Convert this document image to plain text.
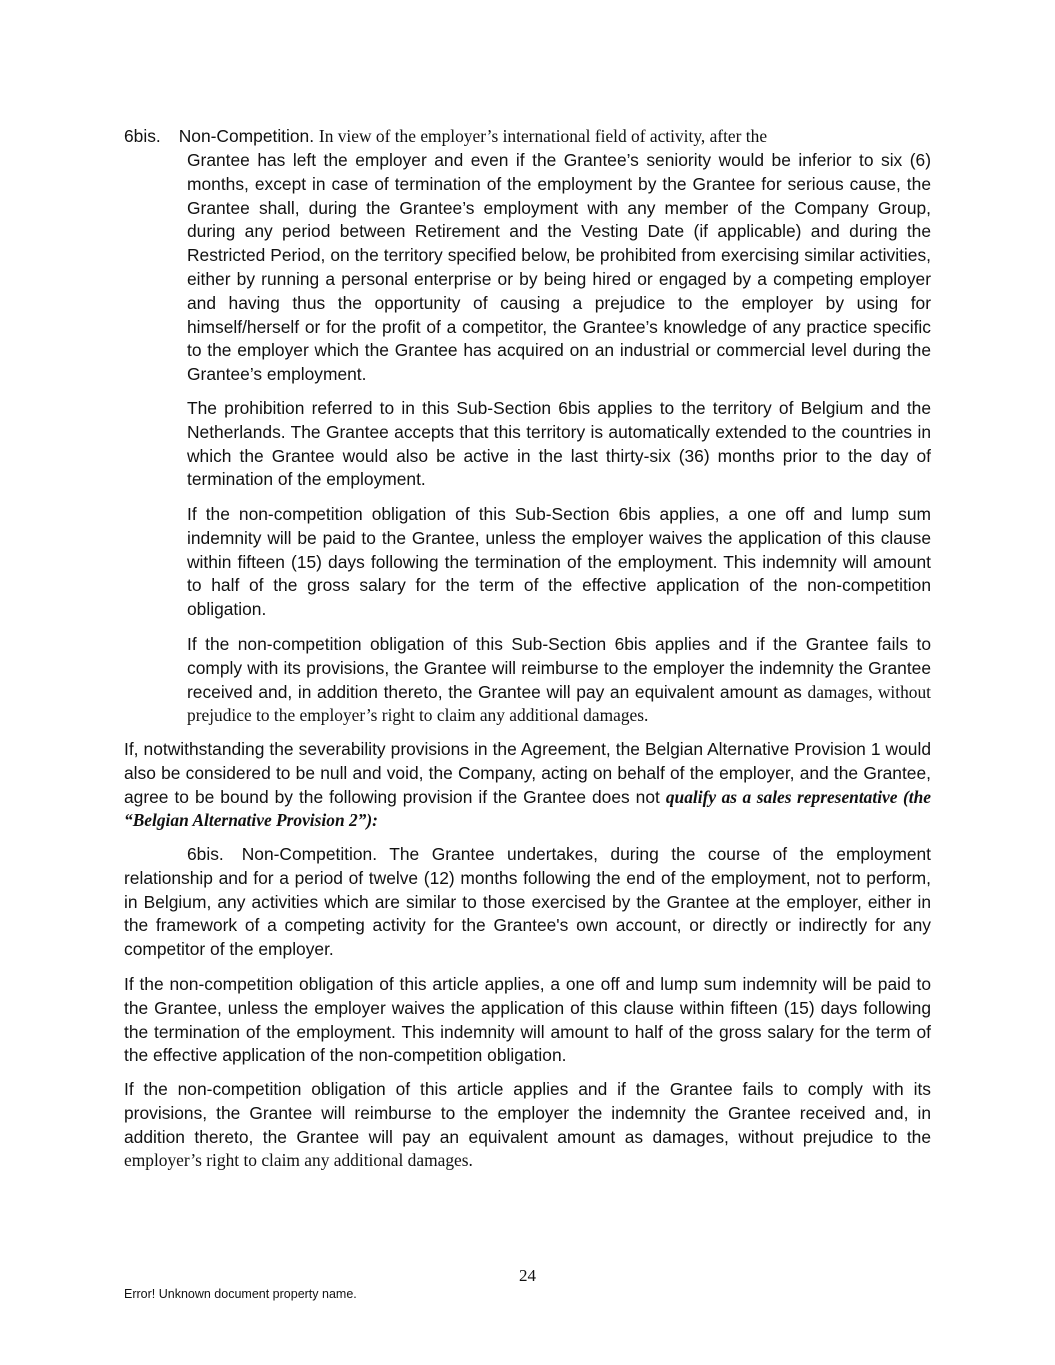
6bis. Non-Competition. In view of the employer’s international field of activity, after the

Grantee has left the employer and even if the Grantee’s seniority would be inferior to six (6) months, except in case of termination of the employment by the Grantee for serious cause, the Grantee shall, during the Grantee’s employment with any member of the Company Group, during any period between Retirement and the Vesting Date (if applicable) and during the Restricted Period, on the territory specified below, be prohibited from exercising similar activities, either by running a personal enterprise or by being hired or engaged by a competing employer and having thus the opportunity of causing a prejudice to the employer by using for himself/herself or for the profit of a competitor, the Grantee’s knowledge of any practice specific to the employer which the Grantee has acquired on an industrial or commercial level during the Grantee’s employment.

The prohibition referred to in this Sub-Section 6bis applies to the territory of Belgium and the Netherlands. The Grantee accepts that this territory is automatically extended to the countries in which the Grantee would also be active in the last thirty-six (36) months prior to the day of termination of the employment.

If the non-competition obligation of this Sub-Section 6bis applies, a one off and lump sum indemnity will be paid to the Grantee, unless the employer waives the application of this clause within fifteen (15) days following the termination of the employment. This indemnity will amount to half of the gross salary for the term of the effective application of the non-competition obligation.

If the non-competition obligation of this Sub-Section 6bis applies and if the Grantee fails to comply with its provisions, the Grantee will reimburse to the employer the indemnity the Grantee received and, in addition thereto, the Grantee will pay an equivalent amount as damages, without prejudice to the employer’s right to claim any additional damages.

If, notwithstanding the severability provisions in the Agreement, the Belgian Alternative Provision 1 would also be considered to be null and void, the Company, acting on behalf of the employer, and the Grantee, agree to be bound by the following provision if the Grantee does not qualify as a sales representative (the “Belgian Alternative Provision 2”):

6bis. Non-Competition. The Grantee undertakes, during the course of the employment relationship and for a period of twelve (12) months following the end of the employment, not to perform, in Belgium, any activities which are similar to those exercised by the Grantee at the employer, either in the framework of a competing activity for the Grantee's own account, or directly or indirectly for any competitor of the employer.

If the non-competition obligation of this article applies, a one off and lump sum indemnity will be paid to the Grantee, unless the employer waives the application of this clause within fifteen (15) days following the termination of the employment. This indemnity will amount to half of the gross salary for the term of the effective application of the non-competition obligation.

If the non-competition obligation of this article applies and if the Grantee fails to comply with its provisions, the Grantee will reimburse to the employer the indemnity the Grantee received and, in addition thereto, the Grantee will pay an equivalent amount as damages, without prejudice to the employer’s right to claim any additional damages.

24
Error! Unknown document property name.
